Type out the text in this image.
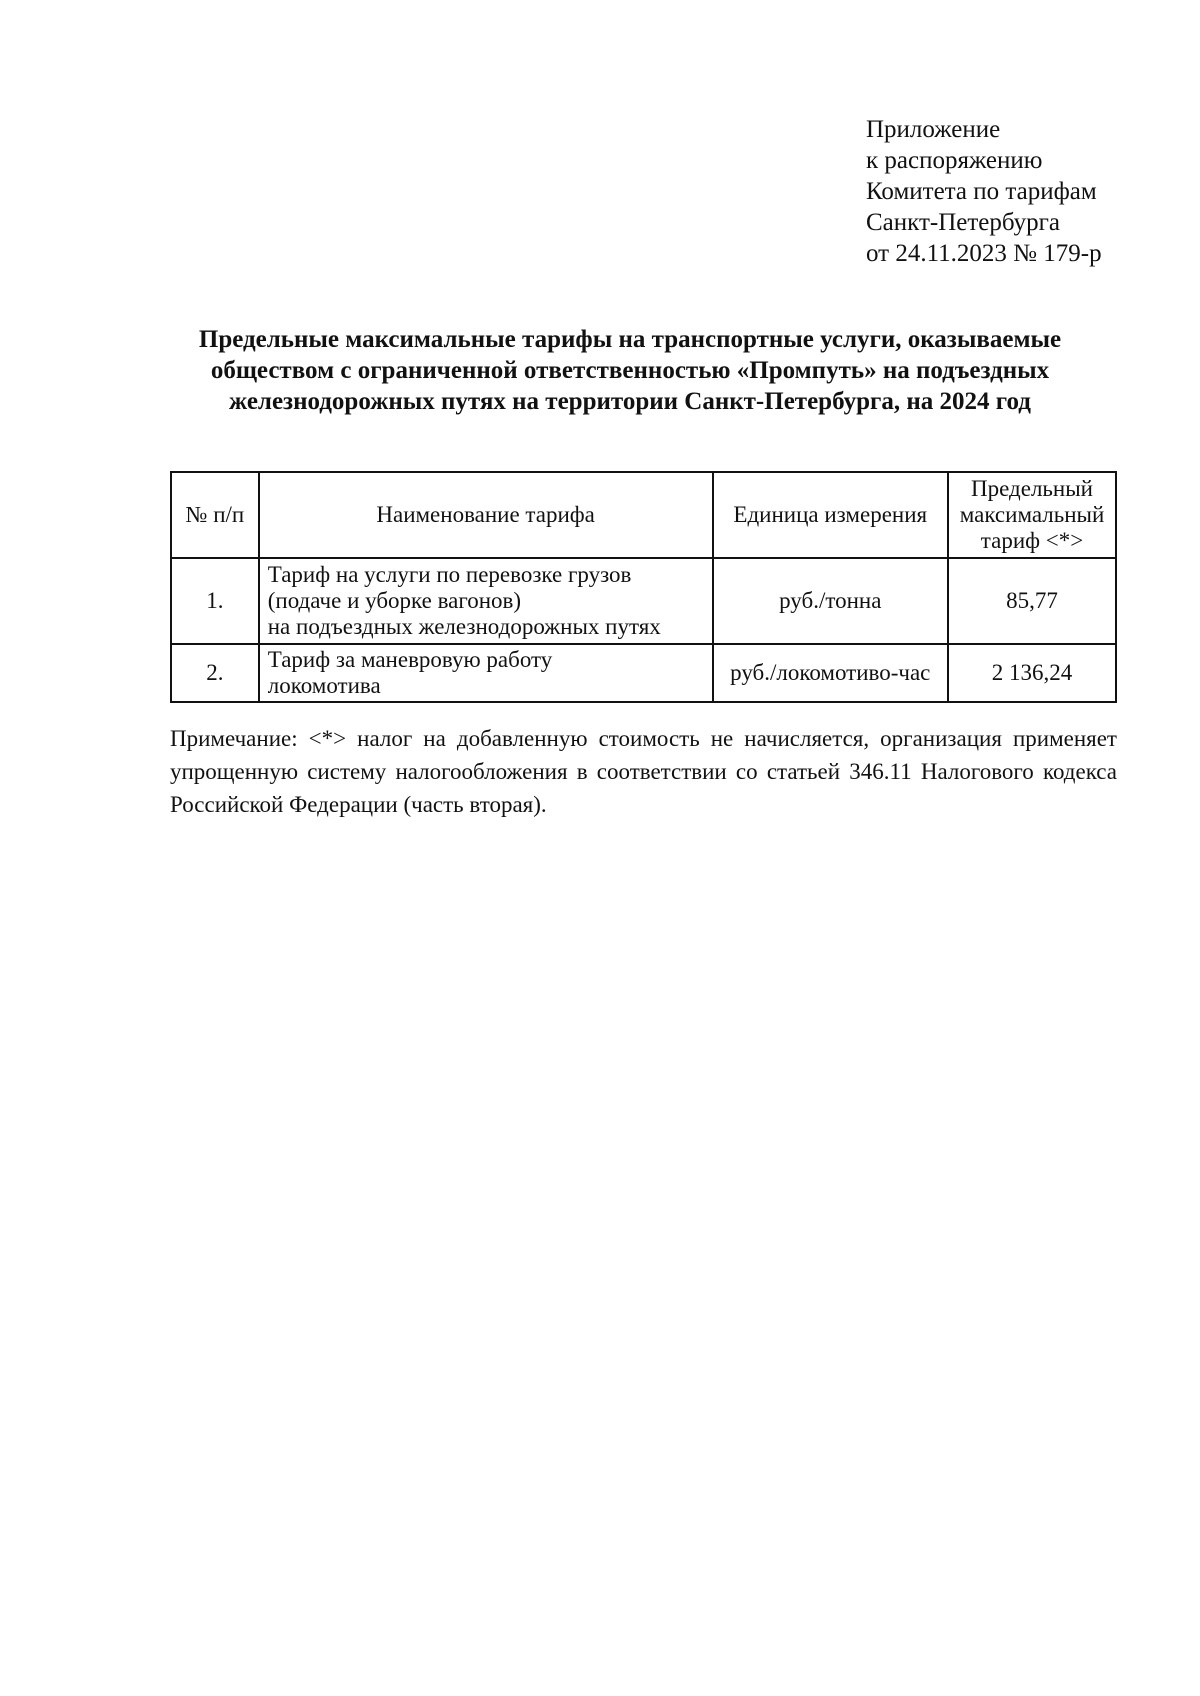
Приложение
к распоряжению
Комитета по тарифам
Санкт-Петербурга
от 24.11.2023 № 179-р
Предельные максимальные тарифы на транспортные услуги, оказываемые
обществом с ограниченной ответственностью «Промпуть» на подъездных
железнодорожных путях на территории Санкт-Петербурга, на 2024 год
№ п/п	Наименование тарифа	Единица измерения	Предельный
максимальный
тариф <*>

1.	Тариф на услуги по перевозке грузов
(подаче и уборке вагонов)
на подъездных железнодорожных путях	руб./тонна	85,77
2.	Тариф за маневровую работу
локомотива	руб./локомотиво-час	2 136,24
Примечание: <*> налог на добавленную стоимость не начисляется, организация применяет упрощенную систему налогообложения в соответствии со статьей 346.11 Налогового кодекса Российской Федерации (часть вторая).
